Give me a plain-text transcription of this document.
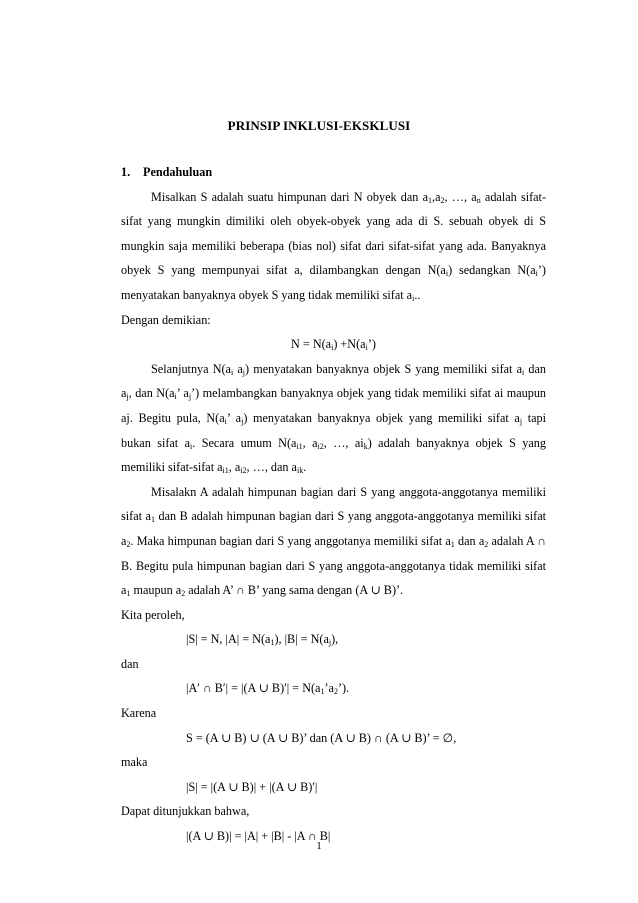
PRINSIP INKLUSI-EKSKLUSI

1. Pendahuluan

Misalkan S adalah suatu himpunan dari N obyek dan $a_1,a_2$, …, $a_n$ adalah sifat-sifat yang mungkin dimiliki oleh obyek-obyek yang ada di S. sebuah obyek di S mungkin saja memiliki beberapa (bias nol) sifat dari sifat-sifat yang ada. Banyaknya obyek S yang mempunyai sifat a, dilambangkan dengan $N(a_i)$ sedangkan $N(a_i’)$ menyatakan banyaknya obyek S yang tidak memiliki sifat $a_i$..

Dengan demikian:

$N = N(a_i)$ $+N(a_i’)$

Selanjutnya $N(a_i$ $a_j$) menyatakan banyaknya objek S yang memiliki sifat $a_i$ dan $a_j$, dan $N(a_i$’ $a_j$’) melambangkan banyaknya objek yang tidak memiliki sifat ai maupun aj. Begitu pula, $N(a_i$’ $a_j$) menyatakan banyaknya objek yang memiliki sifat $a_j$ tapi bukan sifat $a_i$. Secara umum $N(a_{i1}$, $a_{i2}$, …, $ai_k$) adalah banyaknya objek S yang memiliki sifat-sifat $a_{i1}$, $a_{i2}$, …, dan $a_{ik}$.

Misalakn A adalah himpunan bagian dari S yang anggota-anggotanya memiliki sifat $a_1$ dan B adalah himpunan bagian dari S yang anggota-anggotanya memiliki sifat $a_2$. Maka himpunan bagian dari S yang anggotanya memiliki sifat $a_1$ dan $a_2$ adalah A ∩ B. Begitu pula himpunan bagian dari S yang anggota-anggotanya tidak memiliki sifat $a_1$ maupun $a_2$ adalah A’ ∩ B’ yang sama dengan (A ∪ B)’.

Kita peroleh,

|S| = N, $|A| = N(a_1)$, $|B| = N(a_j)$,

dan

|A′ ∩ B′| = |(A ∪ $B)'| = N(a_1’a_2’)$.

Karena

S = (A ∪ B) ∪ (A ∪ B)’ dan (A ∪ B) ∩ (A ∪ B)’ = ∅,

maka

|S| = |(A ∪ B)| + |(A ∪ B)′|

Dapat ditunjukkan bahwa,

|(A ∪ B)| = |A| + |B| - |A ∩ B|

1
